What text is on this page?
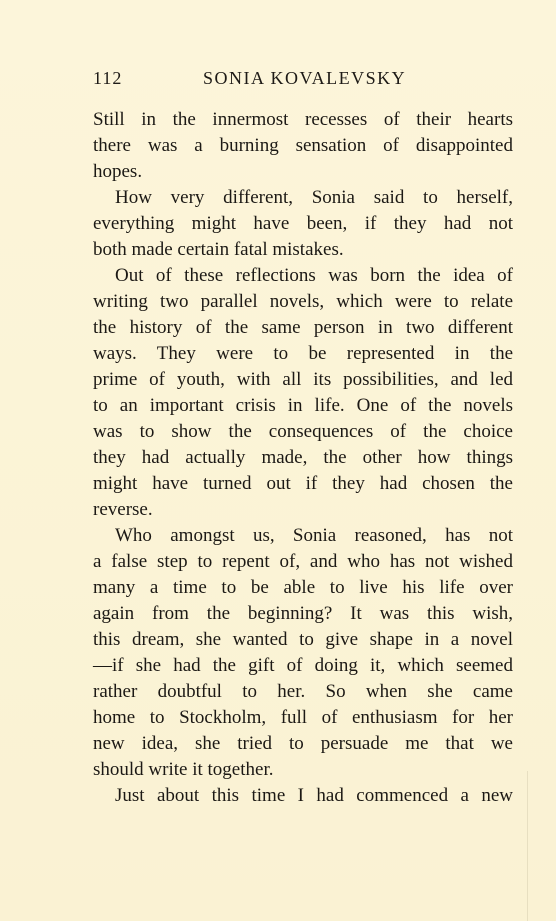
112	SONIA KOVALEVSKY
Still in the innermost recesses of their hearts
there was a burning sensation of disappointed
hopes.
How very different, Sonia said to herself,
everything might have been, if they had not
both made certain fatal mistakes.
Out of these reflections was born the idea of
writing two parallel novels, which were to relate
the history of the same person in two different
ways. They were to be represented in the
prime of youth, with all its possibilities, and led
to an important crisis in life. One of the novels
was to show the consequences of the choice
they had actually made, the other how things
might have turned out if they had chosen the
reverse.
Who amongst us, Sonia reasoned, has not
a false step to repent of, and who has not wished
many a time to be able to live his life over
again from the beginning? It was this wish,
this dream, she wanted to give shape in a novel
—if she had the gift of doing it, which seemed
rather doubtful to her. So when she came
home to Stockholm, full of enthusiasm for her
new idea, she tried to persuade me that we
should write it together.
Just about this time I had commenced a new
